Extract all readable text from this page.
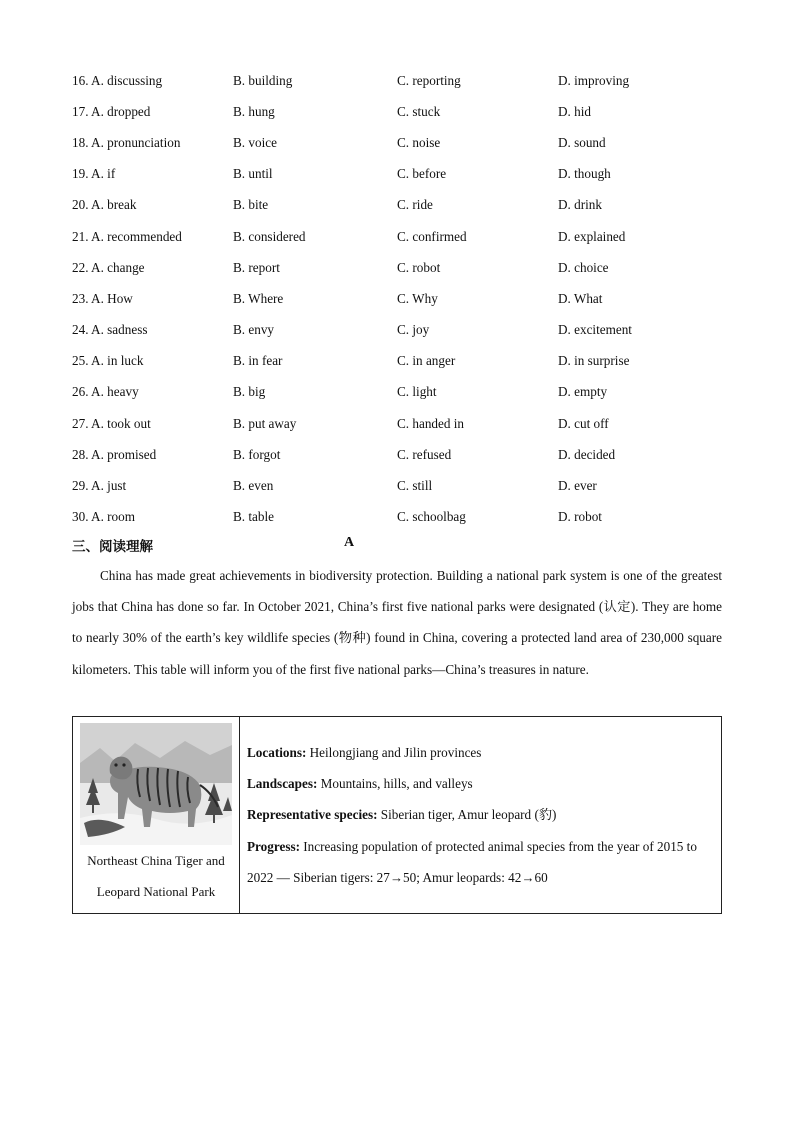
16. A. discussing	B. building	C. reporting	D. improving
17. A. dropped	B. hung	C. stuck	D. hid
18. A. pronunciation	B. voice	C. noise	D. sound
19. A. if	B. until	C. before	D. though
20. A. break	B. bite	C. ride	D. drink
21. A. recommended	B. considered	C. confirmed	D. explained
22. A. change	B. report	C. robot	D. choice
23. A. How	B. Where	C. Why	D. What
24. A. sadness	B. envy	C. joy	D. excitement
25. A. in luck	B. in fear	C. in anger	D. in surprise
26. A. heavy	B. big	C. light	D. empty
27. A. took out	B. put away	C. handed in	D. cut off
28. A. promised	B. forgot	C. refused	D. decided
29. A. just	B. even	C. still	D. ever
30. A. room	B. table	C. schoolbag	D. robot
三、阅读理解	A

China has made great achievements in biodiversity protection. Building a national park system is one of the greatest jobs that China has done so far. In October 2021, China’s first five national parks were designated (认定). They are home to nearly 30% of the earth’s key wildlife species (物种) found in China, covering a protected land area of 230,000 square kilometers. This table will inform you of the first five national parks—China’s treasures in nature.

Northeast China Tiger and Leopard National Park
Locations: Heilongjiang and Jilin provinces
Landscapes: Mountains, hills, and valleys
Representative species: Siberian tiger, Amur leopard (豹)
Progress: Increasing population of protected animal species from the year of 2015 to 2022 — Siberian tigers: 27→50; Amur leopards: 42→60
